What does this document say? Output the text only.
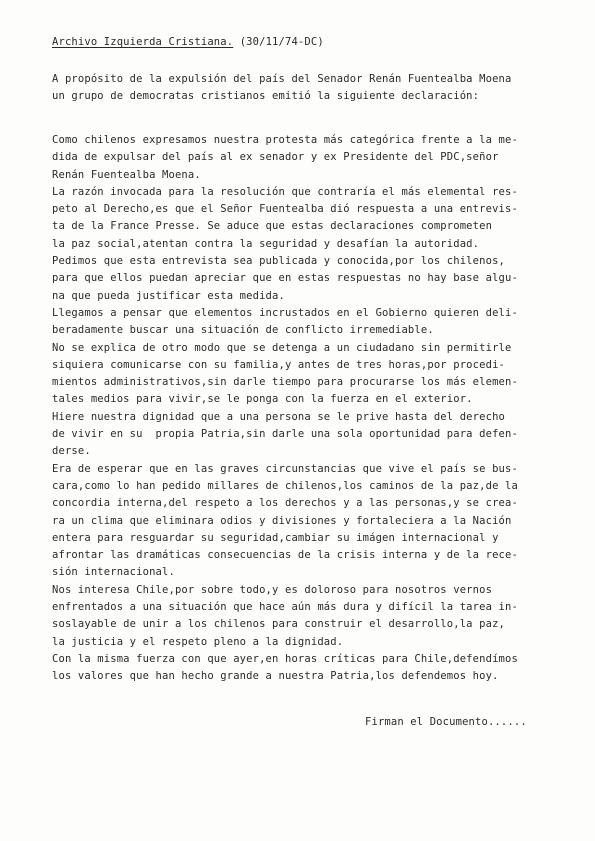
Archivo Izquierda Cristiana. (30/11/74-DC)
A propósito de la expulsión del país del Senador Renán Fuentealba Moena
un grupo de democratas cristianos emitió la siguiente declaración:
Como chilenos expresamos nuestra protesta más categórica frente a la me-
dida de expulsar del país al ex senador y ex Presidente del PDC,señor
Renán Fuentealba Moena.
La razón invocada para la resolución que contraría el más elemental res-
peto al Derecho,es que el Señor Fuentealba dió respuesta a una entrevis-
ta de la France Presse. Se aduce que estas declaraciones comprometen
la paz social,atentan contra la seguridad y desafían la autoridad.
Pedimos que esta entrevista sea publicada y conocida,por los chilenos,
para que ellos puedan apreciar que en estas respuestas no hay base algu-
na que pueda justificar esta medida.
Llegamos a pensar que elementos incrustados en el Gobierno quieren deli-
beradamente buscar una situación de conflicto irremediable.
No se explica de otro modo que se detenga a un ciudadano sin permitirle
siquiera comunicarse con su familia,y antes de tres horas,por procedi-
mientos administrativos,sin darle tiempo para procurarse los más elemen-
tales medios para vivir,se le ponga con la fuerza en el exterior.
Hiere nuestra dignidad que a una persona se le prive hasta del derecho
de vivir en su  propia Patria,sin darle una sola oportunidad para defen-
derse.
Era de esperar que en las graves circunstancias que vive el país se bus-
cara,como lo han pedido millares de chilenos,los caminos de la paz,de la
concordia interna,del respeto a los derechos y a las personas,y se crea-
ra un clima que eliminara odios y divisiones y fortaleciera a la Nación
entera para resguardar su seguridad,cambiar su imágen internacional y
afrontar las dramáticas consecuencias de la crisis interna y de la rece-
sión internacional.
Nos interesa Chile,por sobre todo,y es doloroso para nosotros vernos
enfrentados a una situación que hace aún más dura y difícil la tarea in-
soslayable de unir a los chilenos para construir el desarrollo,la paz,
la justicia y el respeto pleno a la dignidad.
Con la misma fuerza con que ayer,en horas críticas para Chile,defendímos
los valores que han hecho grande a nuestra Patria,los defendemos hoy.
Firman el Documento......
